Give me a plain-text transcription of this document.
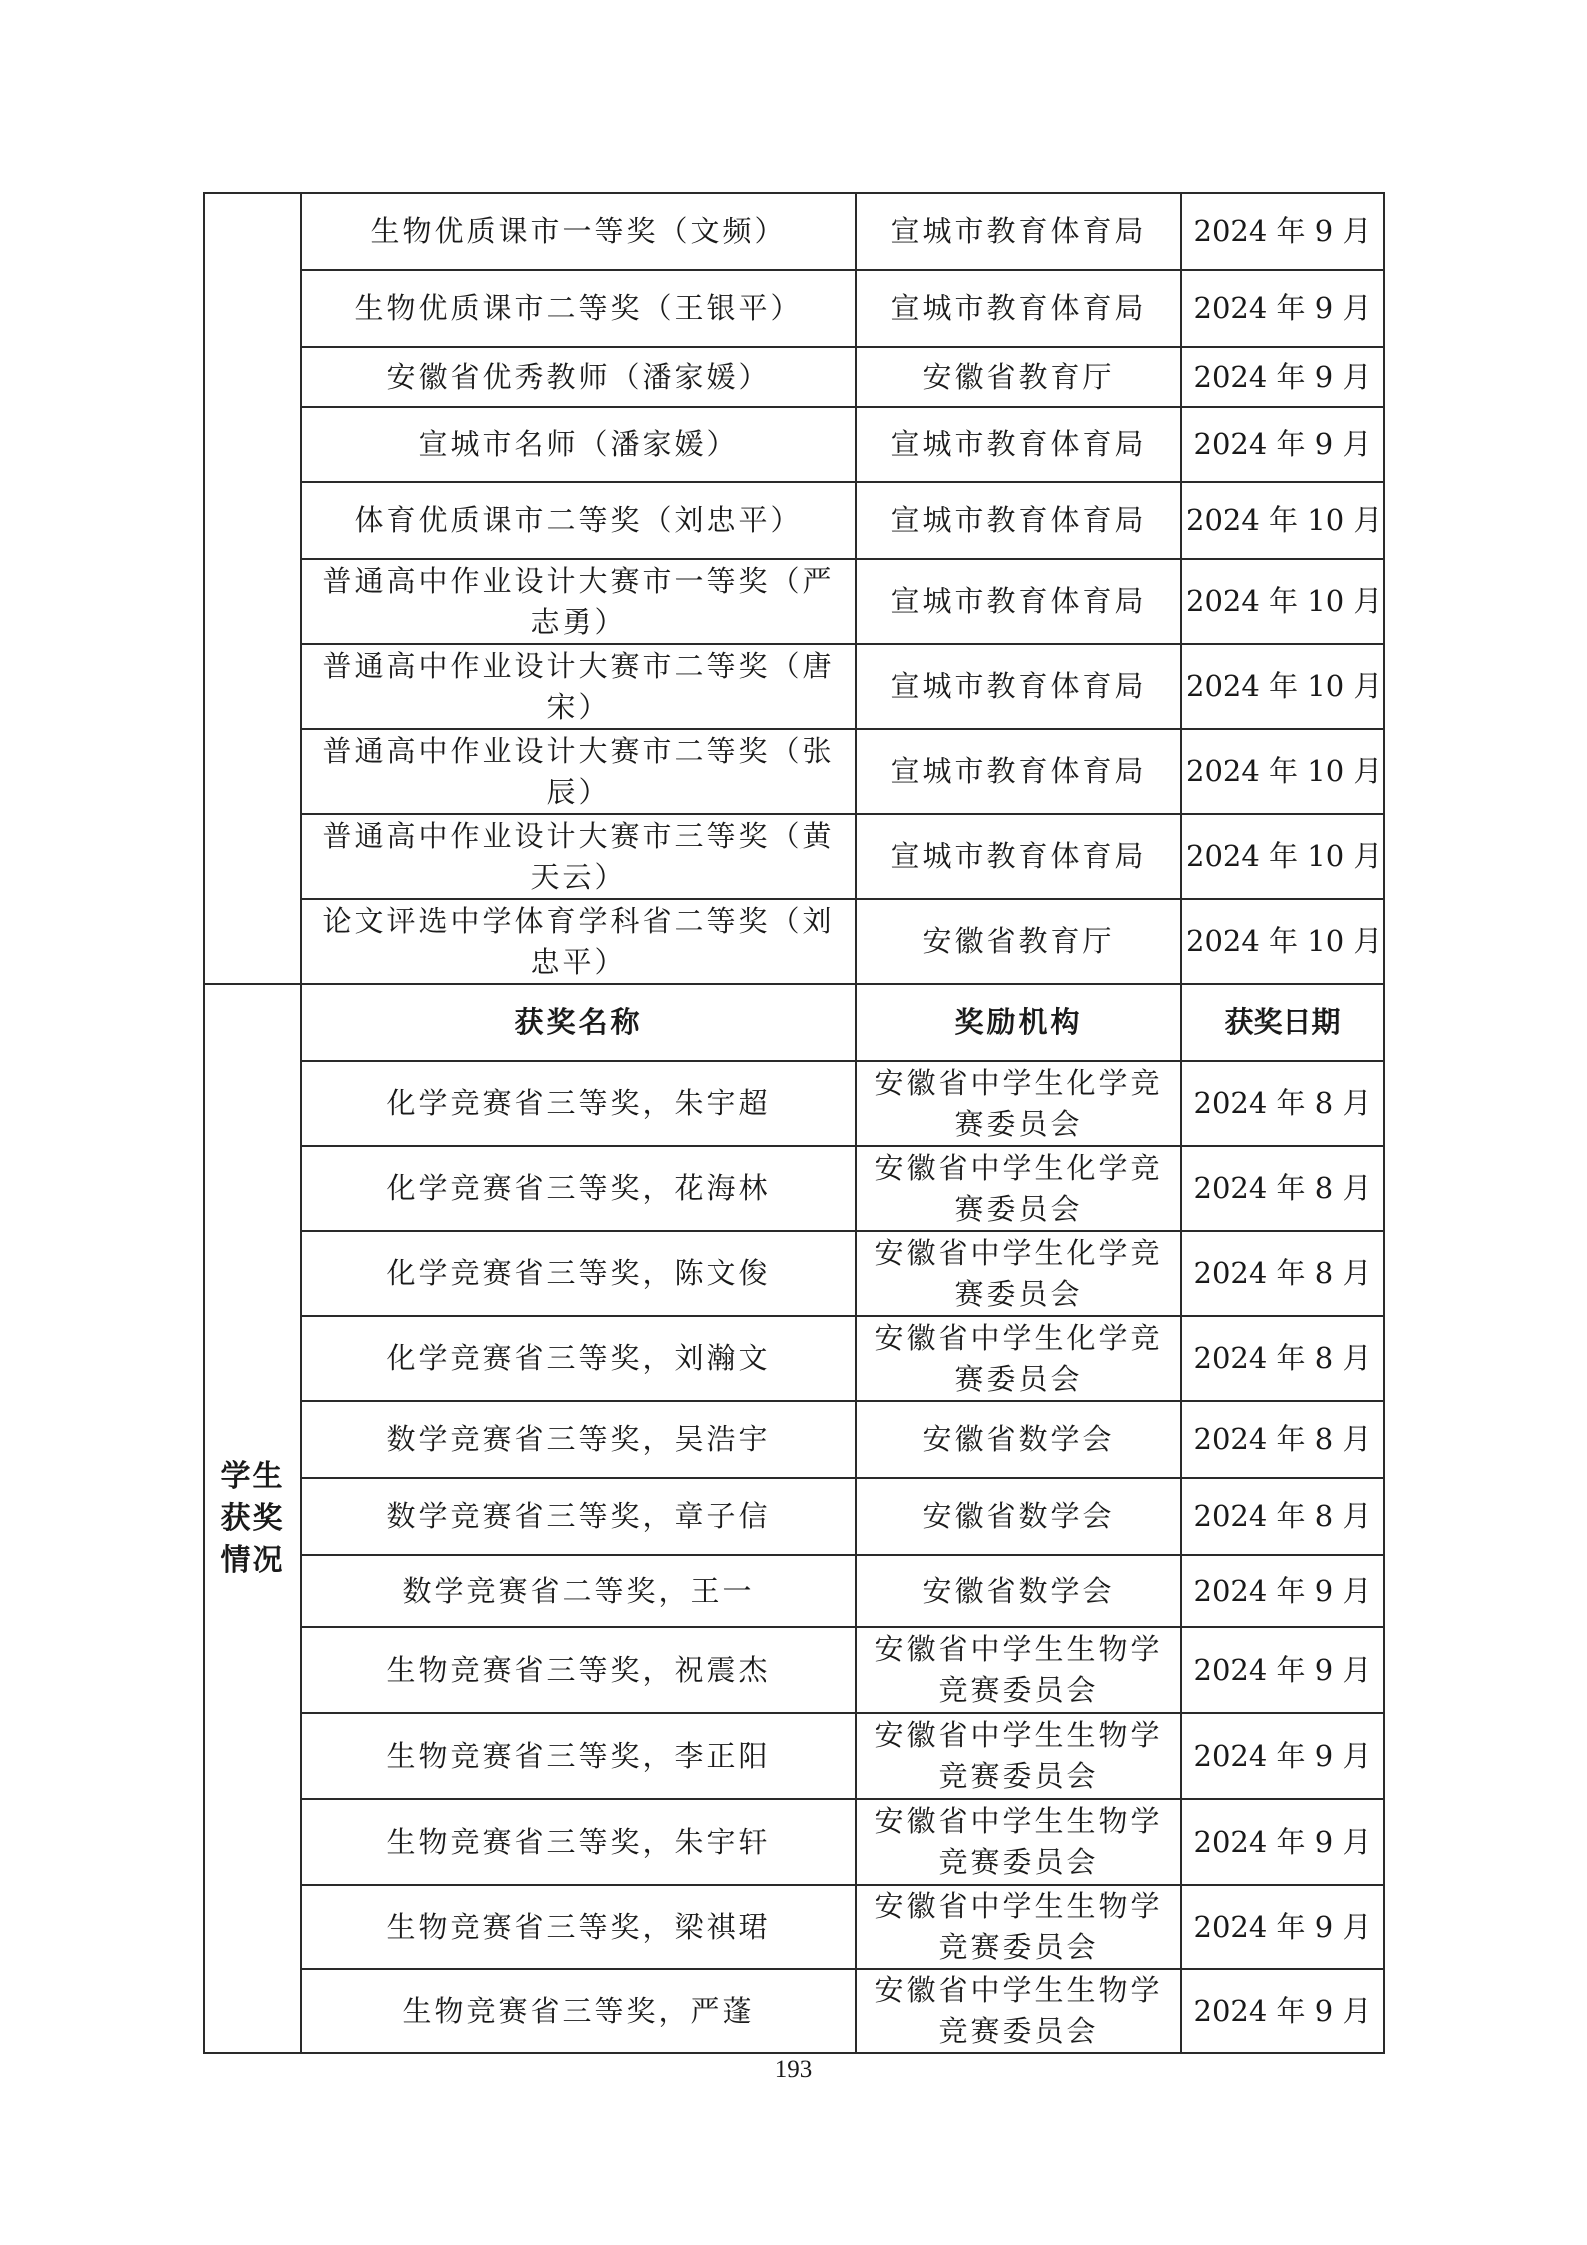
	生物优质课市一等奖（文频）	宣城市教育体育局	2024 年 9 月
	生物优质课市二等奖（王银平）	宣城市教育体育局	2024 年 9 月
	安徽省优秀教师（潘家媛）	安徽省教育厅	2024 年 9 月
	宣城市名师（潘家媛）	宣城市教育体育局	2024 年 9 月
	体育优质课市二等奖（刘忠平）	宣城市教育体育局	2024 年 10 月
	普通高中作业设计大赛市一等奖（严志勇）	宣城市教育体育局	2024 年 10 月
	普通高中作业设计大赛市二等奖（唐宋）	宣城市教育体育局	2024 年 10 月
	普通高中作业设计大赛市二等奖（张辰）	宣城市教育体育局	2024 年 10 月
	普通高中作业设计大赛市三等奖（黄天云）	宣城市教育体育局	2024 年 10 月
	论文评选中学体育学科省二等奖（刘忠平）	安徽省教育厅	2024 年 10 月
学生获奖情况	获奖名称	奖励机构	获奖日期
	化学竞赛省三等奖，朱宇超	安徽省中学生化学竞赛委员会	2024 年 8 月
	化学竞赛省三等奖，花海林	安徽省中学生化学竞赛委员会	2024 年 8 月
	化学竞赛省三等奖，陈文俊	安徽省中学生化学竞赛委员会	2024 年 8 月
	化学竞赛省三等奖，刘瀚文	安徽省中学生化学竞赛委员会	2024 年 8 月
	数学竞赛省三等奖，吴浩宇	安徽省数学会	2024 年 8 月
	数学竞赛省三等奖，章子信	安徽省数学会	2024 年 8 月
	数学竞赛省二等奖，王一	安徽省数学会	2024 年 9 月
	生物竞赛省三等奖，祝震杰	安徽省中学生生物学竞赛委员会	2024 年 9 月
	生物竞赛省三等奖，李正阳	安徽省中学生生物学竞赛委员会	2024 年 9 月
	生物竞赛省三等奖，朱宇轩	安徽省中学生生物学竞赛委员会	2024 年 9 月
	生物竞赛省三等奖，梁祺珺	安徽省中学生生物学竞赛委员会	2024 年 9 月
	生物竞赛省三等奖，严蓬	安徽省中学生生物学竞赛委员会	2024 年 9 月
193
